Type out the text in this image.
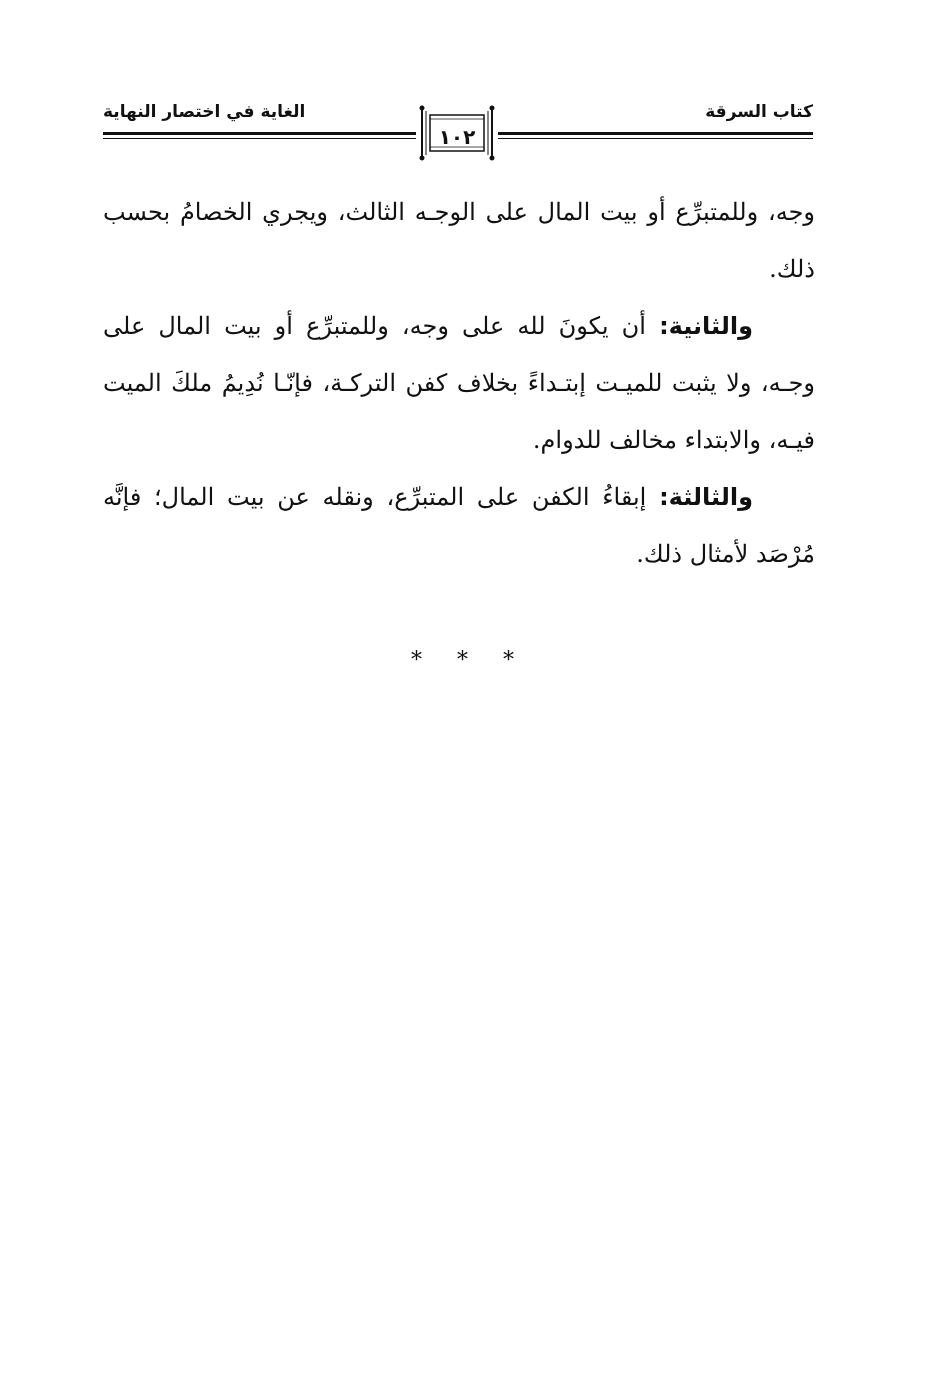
كتاب السرقة
الغاية في اختصار النهاية
١٠٢

وجه، وللمتبرِّع أو بيت المال على الوجـه الثالث، ويجري الخصامُ بحسب ذلك.

والثانية: أن يكونَ لله على وجه، وللمتبرِّع أو بيت المال على وجـه، ولا يثبت للميـت إبتـداءً بخلاف كفن التركـة، فإنّـا نُدِيمُ ملكَ الميت فيـه، والابتداء مخالف للدوام.

والثالثة: إبقاءُ الكفن على المتبرِّع، ونقله عن بيت المال؛ فإنَّه مُرْصَد لأمثال ذلك.

* * *
